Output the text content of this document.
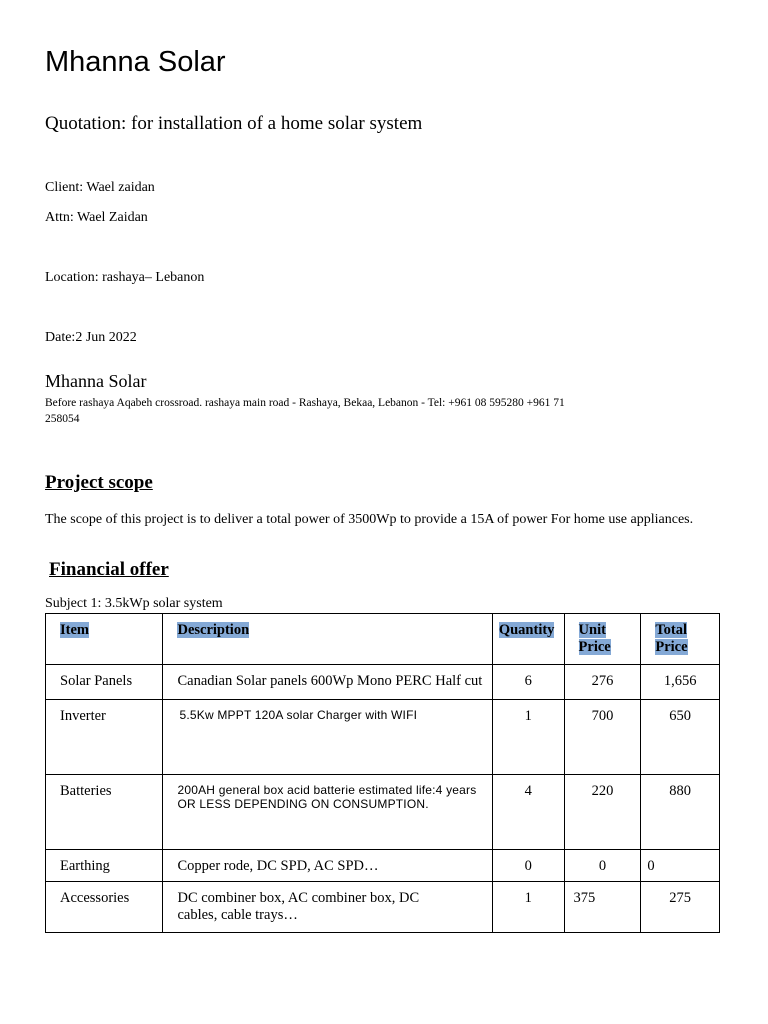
Mhanna Solar
Quotation: for installation of a home solar system
Client: Wael zaidan
Attn: Wael Zaidan
Location: rashaya– Lebanon
Date:2 Jun 2022
Mhanna Solar
Before rashaya Aqabeh crossroad. rashaya main road - Rashaya, Bekaa, Lebanon - Tel: +961 08 595280 +961 71 258054
Project scope
The scope of this project is to deliver a total power of 3500Wp to provide a 15A of power For home use appliances.
Financial offer
Subject 1: 3.5kWp solar system
Item	Description	Quantity	Unit Price	Total Price
Solar Panels	Canadian Solar panels 600Wp Mono PERC Half cut	6	276	1,656
Inverter	5.5Kw MPPT 120A solar Charger with WIFI	1	700	650
Batteries	200AH general box acid batterie estimated life:4 years OR LESS DEPENDING ON CONSUMPTION.	4	220	880
Earthing	Copper rode, DC SPD, AC SPD…	0	0	0
Accessories	DC combiner box, AC combiner box, DC cables, cable trays…	1	375	275
